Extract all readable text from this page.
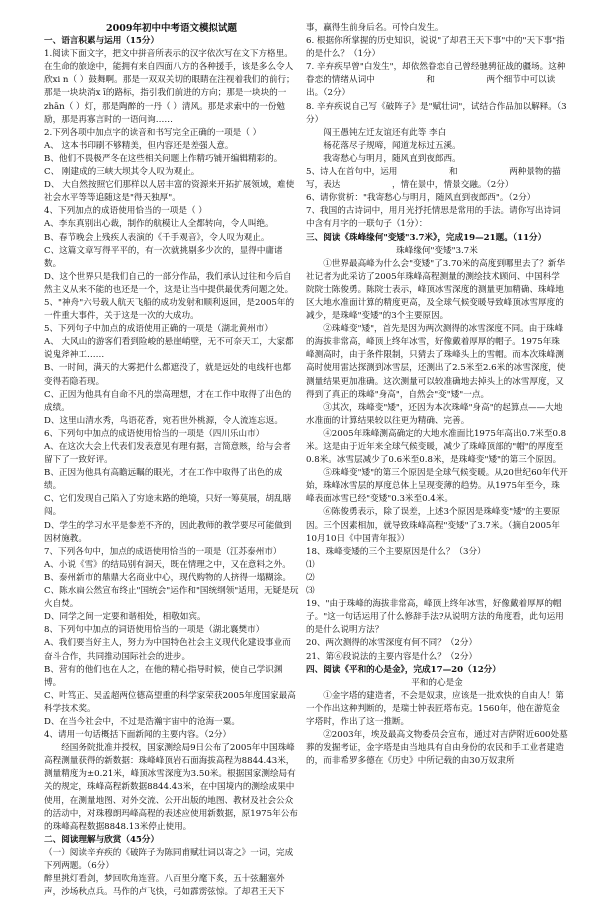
2009年初中中考语文模拟试题

一、语言积累与运用（15分）

1.阅读下面文字，把文中拼音所表示的汉字依次写在文下方格里。

在生命的旅途中，能拥有来自四面八方的各种援手，该是多么令人欣xi n（ ）鼓舞啊。那是一双双关切的眼睛在注视着我们的前行；那是一块块消x ī的路标，指引我们前进的方向；那是一块块的一zhān（ ）灯，那是陶醉的一丹（ ）清风。那是求索中的一份勉励，那是再寡言时的一语问询……

2.下列各项中加点字的读音和书写完全正确的一项是（ ）

A、 这本书印刷不够精美，但内容还是差强人意。

B、他们不畏极严冬在这些相关问题上作精巧铺开编辑精彩的。

C、 刚建成的三峡大坝其令人叹为观止。

D、 大自然按照它们那样以人居丰富的资源来开拓扩展领域，难使社会水平等等追随这是"得天独厚"。

4、下列加点的成语使用恰当的一项是（ ）

A、李东真别出心裁，制作的航模让人全都转向，令人叫绝。

B、春节晚会上残疾人表演的《千手观音》，令人叹为观止。

C、这篇文章写得平平的，有一次就挑剔多少次的，显得中庸诸数。

D、这个世界只是我们自己的一部分作品，我们承认过往和今后自然主义从来不能的也还是一个，这是让当中提供最优秀问题之处。

5、"神舟"六号载人航天飞船的成功发射和顺利返回，是2005年的一件重大事件，关于这是一次的大成功。

5、下列句子中加点的成语使用正确的一项是（湖北黄州市）

A、 大风山的游客们看到险峻的悬崖峭壁，无不可奈天工，大家都说鬼斧神工……

B、一时间，满天的大雾把什么都遮没了，就是远处的电线杆也都变得若隐若现。

C、正因为他具有自命不凡的崇高理想，才在工作中取得了出色的成绩。

D、这里山清水秀，鸟语花香，宛若世外桃源，令人流连忘返。

6、下列句中加点的成语使用恰当的一项是（四川乐山市）

A、在这次大会上代表们发表意见有理有据，言简意赅，给与会者留下了一致好评。

B、正因为他具有高瞻远瞩的眼光，才在工作中取得了出色的成绩。

C、它们发现自己陷入了穷途末路的绝境，只好一筹莫展，胡乱瞎闯。

D、学生的学习水平是参差不齐的，因此教师的教学要尽可能做到因材施教。

7、下列各句中，加点的成语使用恰当的一项是（江苏泰州市）

A、小说《雪》的结局别有洞天，既在情理之中，又在意料之外。

B、泰州新市的鼎鼎大名商业中心，现代购物的人挤得一塌糊涂。

C、陈水扁公然宣布终止"国统会"运作和"国统纲领"适用，无疑是玩火自焚。

D、同学之间一定要和谐相处，相敬如宾。

8、下列句中加点的词语使用恰当的一项是（湖北襄樊市）

A、我们要当好主人，努力为中国特色社会主义现代化建设事业而奋斗合作，共同推动国际社会的进步。

B、营有的他们也在人之，在他的精心指导时候，使自己学识渊博。

C、叶笃正、吴孟超两位德高望重的科学家荣获2005年度国家最高科学技术奖。

D、在当今社会中，不过是浩瀚宇宙中的沧海一粟。

4、请用一句话概括下面新闻的主要内容。（2分）

经国务院批准并授权，国家测绘局9日公布了2005年中国珠峰高程测量获得的新数据：珠峰峰顶岩石面海拔高程为8844.43米，测量精度为±0.21米，峰顶冰雪深度为3.50米。根据国家测绘局有关的规定，珠峰高程新数据8844.43米，在中国境内的测绘成果中使用，在测量地图、对外交流、公开出版的地图、教材及社会公众的活动中，对珠穆朗玛峰高程的表述应使用新数据，原1975年公布的珠峰高程数据8848.13米停止使用。

二、阅读理解与欣赏（45分）

（一）阅读辛弃疾的《破阵子为陈同甫赋壮词以寄之》一词，完成下列两题。（6分）

醉里挑灯看剑，梦回吹角连营。八百里分麾下炙，五十弦翻塞外声，沙场秋点兵。马作的卢飞快，弓如霹雳弦惊。了却君王天下

事，赢得生前身后名。可怜白发生。

6. 根据你所掌握的历史知识，说说"了却君王天下事"中的"天下事"指的是什么？（1分）

7. 辛弃疾早曾"白发生"，却依然眷恋自己曾经驰骋征战的疆场。这种眷恋的情绪从词中　　　　　　和　　　　　　两个细节中可以读出。（2分）

8. 辛弃疾说自己写《破阵子》是"赋壮词"，试结合作品加以解释。（3分）

闯王愚钝左迁友谊还有此等 李白

杨花落尽子规啼，闻道龙标过五溪。

我寄愁心与明月，随风直到夜郎西。

5、诗人在首句中，运用　　　　　　和　　　　　　两种景物的描写，表达　　　　　　，情在景中，情景交融。（2分）

6、请你赏析："我寄愁心与明月，随风直到夜郎西"。（2分）

7、我国的古诗词中，用月光抒托情思是常用的手法。请你写出诗词中含有月字的一联句子（1分）：

三、阅读《珠峰缘何"变矮"3.7米》，完成19—21题。（11分）

珠峰缘何"变矮"3.7米

①世界最高峰为什么会"变矮"了3.70米的高度到哪里去了？新华社记者为此采访了2005年珠峰高程测量的测绘技术顾问、中国科学院院士陈俊勇。陈院士表示，峰顶冰雪深度的测量更加精确、珠峰地区大地水准面计算的精度更高，及全球气候变暖导致峰顶冰雪厚度的减少，是珠峰"变矮"的3个主要原因。

②珠峰变"矮"，首先是因为两次测得的冰雪深度不同。由于珠峰的海拔非常高，峰顶上终年冰雪，好像戴着厚厚的帽子。1975年珠峰测高时，由于条件限制，只猜去了珠峰头上的雪帽。而本次珠峰测高时使用雷达探测到冰雪层，还测出了2.5米至2.6米的冰雪深度，使测量结果更加准确。这次测量可以较准确地去掉头上的冰雪厚度，又得到了真正的珠峰"身高"，自然会"变"矮"一点。

③其次，珠峰变"矮"，还因为本次珠峰"身高"的起算点——大地水准面的计算结果较以往更为精确、完善。

④2005年珠峰测高确定的大地水准面比1975年高出0.7米至0.8米。这是由于近年来全球气候变暖，减少了珠峰顶部的"帽"的厚度至0.8米。冰雪层减少了0.6米至0.8米，是珠峰变"矮"的第三个原因。

⑤珠峰变"矮"的第三个原因是全球气候变暖。从20世纪60年代开始，珠峰冰雪层的厚度总体上呈现变薄的趋势。从1975年至今，珠峰表面冰雪已经"变矮"0.3米至0.4米。

⑥陈俊勇表示，除了误差，上述3个原因是珠峰变"矮"的主要原因。三个因素相加，就导致珠峰高程"变矮"了3.7米。（摘自2005年10月10日《中国青年报》）

18、珠峰变矮的三个主要原因是什么？（3分）

⑴

⑵

⑶

19、"由于珠峰的海拔非常高，峰顶上终年冰雪，好像戴着厚厚的帽子。"这一句话运用了什么修辞手法?从说明方法的角度看，此句运用的是什么说明方法？

20、两次测得的冰雪深度有何不同？（2分）

21、第⑥段说法的主要内容是什么？（2分）

四、阅读《平和的心是金》，完成17—20（12分）

平和的心是金

①金字塔的建造者，不会是奴隶，应该是一批欢快的自由人！第一个作出这种判断的，是瑞士钟表匠塔布克。1560年，他在游览金字塔时，作出了这一推断。

②2003年，埃及最高文物委员会宣布，通过对吉萨附近600处墓葬的发掘考证，金字塔是由当地具有自由身份的农民和手工业者建造的，而非希罗多德在《历史》中所记载的由30万奴隶所
